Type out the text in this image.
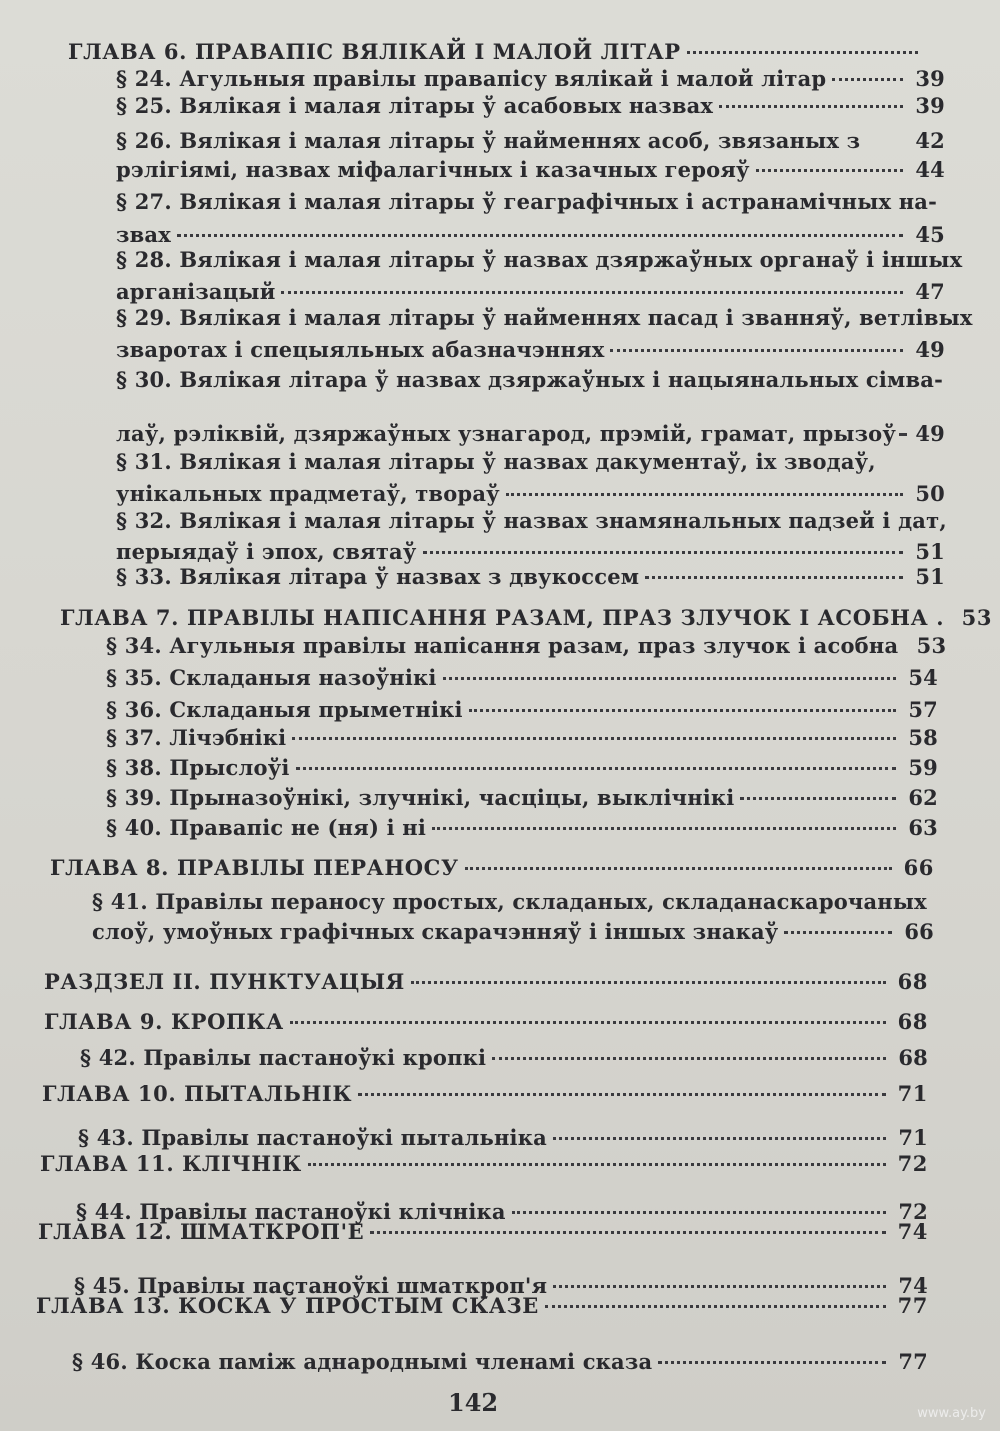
ГЛАВА 6. ПРАВАПІС ВЯЛІКАЙ І МАЛОЙ ЛІТАР
§ 24. Агульныя правілы правапісу вялікай і малой літар	39
§ 25. Вялікая і малая літары ў асабовых назвах	39
§ 26. Вялікая і малая літары ў найменнях асоб, звязаных з	42
рэлігіямі, назвах міфалагічных і казачных герояў	44
§ 27. Вялікая і малая літары ў геаграфічных і астранамічных на-
звах	45
§ 28. Вялікая і малая літары ў назвах дзяржаўных органаў і іншых
арганізацый	47
§ 29. Вялікая і малая літары ў найменнях пасад і званняў, ветлівых
зваротах і спецыяльных абазначэннях	49
§ 30. Вялікая літара ў назвах дзяржаўных і нацыянальных сімва-
лаў, рэліквій, дзяржаўных узнагарод, прэмій, грамат, прызоў 49
§ 31. Вялікая і малая літары ў назвах дакументаў, іх зводаў,
унікальных прадметаў, твораў	50
§ 32. Вялікая і малая літары ў назвах знамянальных падзей і дат,
перыядаў і эпох, святаў	51
§ 33. Вялікая літара ў назвах з двукоссем	51
ГЛАВА 7. ПРАВІЛЫ НАПІСАННЯ РАЗАМ, ПРАЗ ЗЛУЧОК І АСОБНА . 53
§ 34. Агульныя правілы напісання разам, праз злучок і асобна 53
§ 35. Складаныя назоўнікі	54
§ 36. Складаныя прыметнікі	57
§ 37. Лічэбнікі	58
§ 38. Прыслоўі	59
§ 39. Прыназоўнікі, злучнікі, часціцы, выклічнікі	62
§ 40. Правапіс не (ня) і ні	63
ГЛАВА 8. ПРАВІЛЫ ПЕРАНОСУ	66
§ 41. Правілы пераносу простых, складаных, складанаскарочаных
слоў, умоўных графічных скарачэнняў і іншых знакаў	66
РАЗДЗЕЛ II. ПУНКТУАЦЫЯ	68
ГЛАВА 9. КРОПКА	68
§ 42. Правілы пастаноўкі кропкі	68
ГЛАВА 10. ПЫТАЛЬНІК	71
§ 43. Правілы пастаноўкі пытальніка	71
ГЛАВА 11. КЛІЧНІК	72
§ 44. Правілы пастаноўкі клічніка	72
ГЛАВА 12. ШМАТКРОП'Е	74
§ 45. Правілы пастаноўкі шматкроп'я	74
ГЛАВА 13. КОСКА Ў ПРОСТЫМ СКАЗЕ	77
§ 46. Коска паміж аднароднымі членамі сказа	77
142	www.ay.by
